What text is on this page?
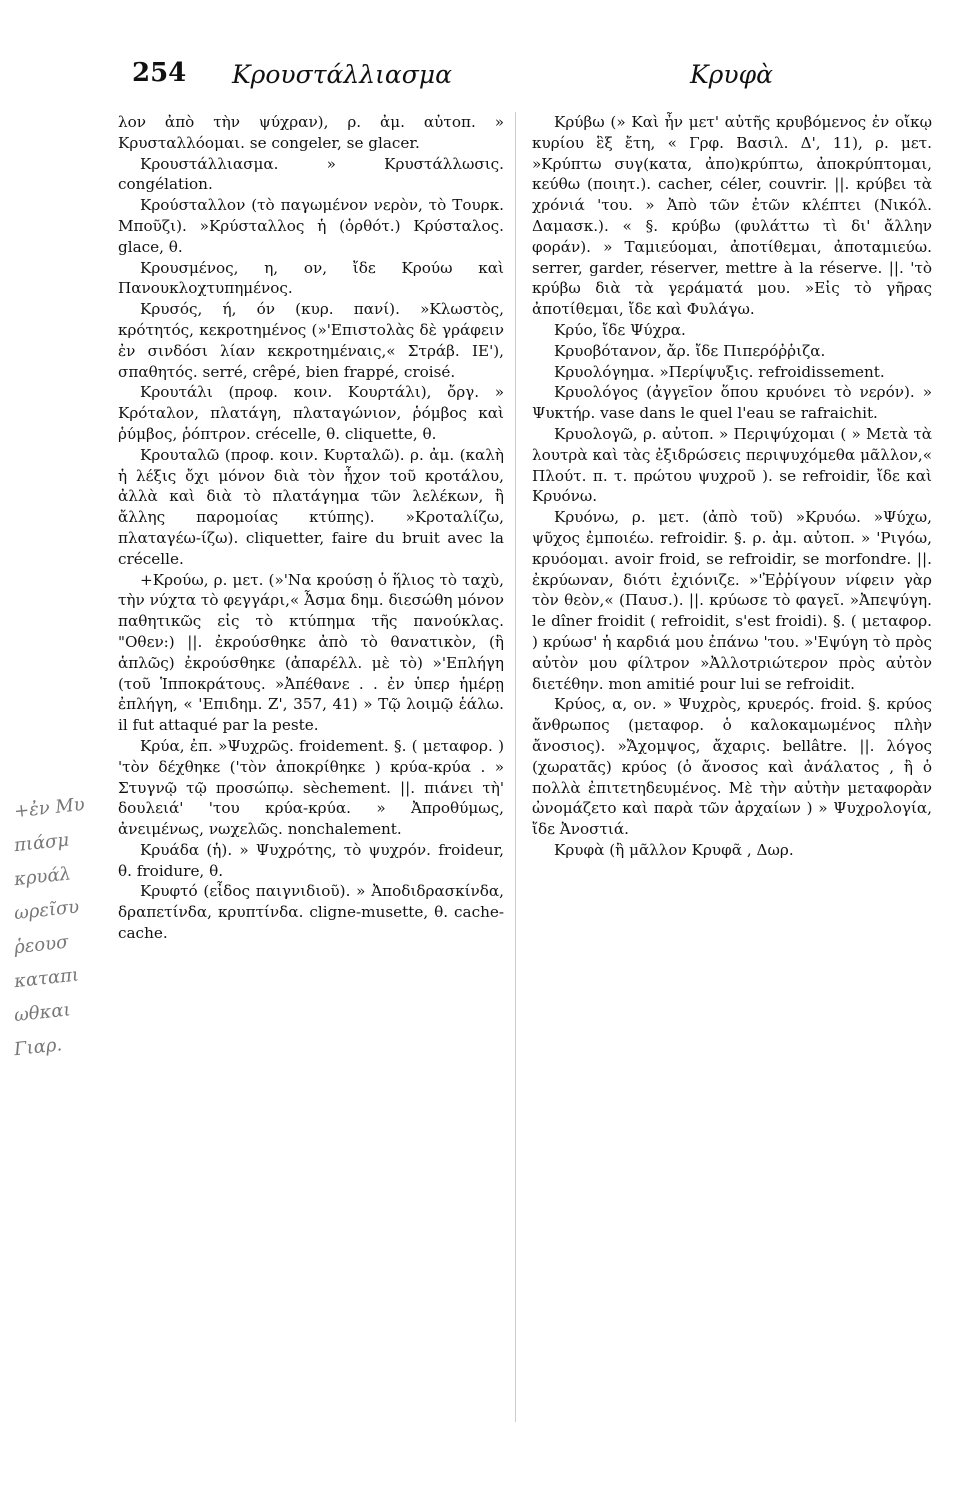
254 Κρουστάλλιασμα	Κρυφὰ

λον ἀπὸ τὴν ψύχραν), ρ. ἀμ. αὐτοπ. » Κρυσταλλόομαι. se congeler, se glacer.

Κρουστάλλιασμα. » Κρυστάλλωσις. congélation.

Κρούσταλλον (τὸ παγωμένον νερὸν, τὸ Τουρκ. Μποῦζι). »Κρύσταλλος ἡ (ὀρθότ.) Κρύσταλος. glace, θ.

Κρουσμένος, η, ον, ἴδε Κρούω καὶ Πανουκλοχτυπημένος.

Κρυσός, ή, όν (κυρ. πανί). »Κλωστὸς, κρότητός, κεκροτημένος (»'Επιστολὰς δὲ γράφειν ἐν σινδόσι λίαν κεκροτημέναις,« Στράβ. ΙΕ'), σπαθητός. serré, crêpé, bien frappé, croisé.

Κρουτάλι (προφ. κοιν. Κουρτάλι), ὄργ. » Κρόταλον, πλατάγη, πλαταγώνιον, ῥόμβος καὶ ῥύμβος, ῥόπτρον. crécelle, θ. cliquette, θ.

Κρουταλῶ (προφ. κοιν. Κυρταλῶ). ρ. ἀμ. (καλὴ ἡ λέξις ὄχι μόνον διὰ τὸν ἦχον τοῦ κροτάλου, ἀλλὰ καὶ διὰ τὸ πλατάγημα τῶν λελέκων, ἢ ἄλλης παρομοίας κτύπης). »Κροταλίζω, πλαταγέω-ίζω). cliquetter, faire du bruit avec la crécelle.

+Κρούω, ρ. μετ. (»'Να κρούσῃ ὁ ἥλιος τὸ ταχὺ, τὴν νύχτα τὸ φεγγάρι,« Ἆσμα δημ. διεσώθη μόνον παθητικῶς εἰς τὸ κτύπημα τῆς πανούκλας. "Οθεν:) ||. ἐκρούσθηκε ἀπὸ τὸ θανατικὸν, (ἢ ἁπλῶς) ἐκρούσθηκε (ἀπαρέλλ. μὲ τὸ) »'Επλήγη (τοῦ Ἱπποκράτους. »Ἀπέθανε . . ἐν ὑπερ ἡμέρῃ ἐπλήγη, « 'Επιδημ. Ζ', 357, 41) » Τῷ λοιμῷ ἑάλω. il fut attaqué par la peste.

Κρύα, ἐπ. »Ψυχρῶς. froidement. §. ( μεταφορ. ) 'τὸν δέχθηκε ('τὸν ἀποκρίθηκε ) κρύα-κρύα . » Στυγνῷ τῷ προσώπῳ. sèchement. ||. πιάνει τὴ' δουλειά' 'του κρύα-κρύα. » Ἀπροθύμως, ἀνειμένως, νωχελῶς. nonchalement.

Κρυάδα (ἡ). » Ψυχρότης, τὸ ψυχρόν. froideur, θ. froidure, θ.

Κρυφτό (εἶδος παιγνιδιοῦ). » Ἀποδιδρασκίνδα, δραπετίνδα, κρυπτίνδα. cligne-musette, θ. cache-cache.

Κρύβω (» Καὶ ἦν μετ' αὐτῆς κρυβόμενος ἐν οἴκῳ κυρίου ἓξ ἔτη, « Γρφ. Βασιλ. Δ', 11), ρ. μετ. »Κρύπτω συγ(κατα, ἀπο)κρύπτω, ἀποκρύπτομαι, κεύθω (ποιητ.). cacher, céler, couvrir. ||. κρύβει τὰ χρόνιά 'του. » Ἀπὸ τῶν ἐτῶν κλέπτει (Νικόλ. Δαμασκ.). « §. κρύβω (φυλάττω τὶ δι' ἄλλην φοράν). » Ταμιεύομαι, ἀποτίθεμαι, ἀποταμιεύω. serrer, garder, réserver, mettre à la réserve. ||. 'τὸ κρύβω διὰ τὰ γεράματά μου. »Εἰς τὸ γῆρας ἀποτίθεμαι, ἴδε καὶ Φυλάγω.

Κρύο, ἴδε Ψύχρα.

Κρυοβότανον, ἄρ. ἴδε Πιπερόῤῥιζα.

Κρυολόγημα. »Περίψυξις. refroidissement.

Κρυολόγος (ἀγγεῖον ὅπου κρυόνει τὸ νερόν). » Ψυκτήρ. vase dans le quel l'eau se rafraichit.

Κρυολογῶ, ρ. αὐτοπ. » Περιψύχομαι ( » Μετὰ τὰ λουτρὰ καὶ τὰς ἐξιδρώσεις περιψυχόμεθα μᾶλλον,« Πλούτ. π. τ. πρώτου ψυχροῦ ). se refroidir, ἴδε καὶ Κρυόνω.

Κρυόνω, ρ. μετ. (ἀπὸ τοῦ) »Κρυόω. »Ψύχω, ψῦχος ἐμποιέω. refroidir. §. ρ. ἀμ. αὐτοπ. » 'Ριγόω, κρυόομαι. avoir froid, se refroidir, se morfondre. ||. ἐκρύωναν, διότι ἐχιόνιζε. »'Ἐῤῥίγουν νίφειν γὰρ τὸν θεὸν,« (Παυσ.). ||. κρύωσε τὸ φαγεῖ. »Ἀπεψύγη. le dîner froidit ( refroidit, s'est froidi). §. ( μεταφορ. ) κρύωσ' ἡ καρδιά μου ἐπάνω 'του. »'Εψύγη τὸ πρὸς αὐτὸν μου φίλτρον »Ἀλλοτριώτερον πρὸς αὐτὸν διετέθην. mon amitié pour lui se refroidit.

Κρύος, α, ον. » Ψυχρὸς, κρυερός. froid. §. κρύος ἄνθρωπος (μεταφορ. ὁ καλοκαμωμένος πλὴν ἄνοσιος). »Ἄχομψος, ἄχαρις. bellâtre. ||. λόγος (χωρατᾶς) κρύος (ὁ ἄνοσος καὶ ἀνάλατος , ἢ ὁ πολλὰ ἐπιτετηδευμένος. Μὲ τὴν αὐτὴν μεταφορὰν ὠνομάζετο καὶ παρὰ τῶν ἀρχαίων ) » Ψυχρολογία, ἴδε Ἀνοστιά.

Κρυφὰ (ἢ μᾶλλον Κρυφᾶ , Δωρ.

+ἐν Μυ
πιάσμ
κρυάλ
ωρεῖσυ
ῥεουσ
καταπι
ωθκαι
Γιαρ.
